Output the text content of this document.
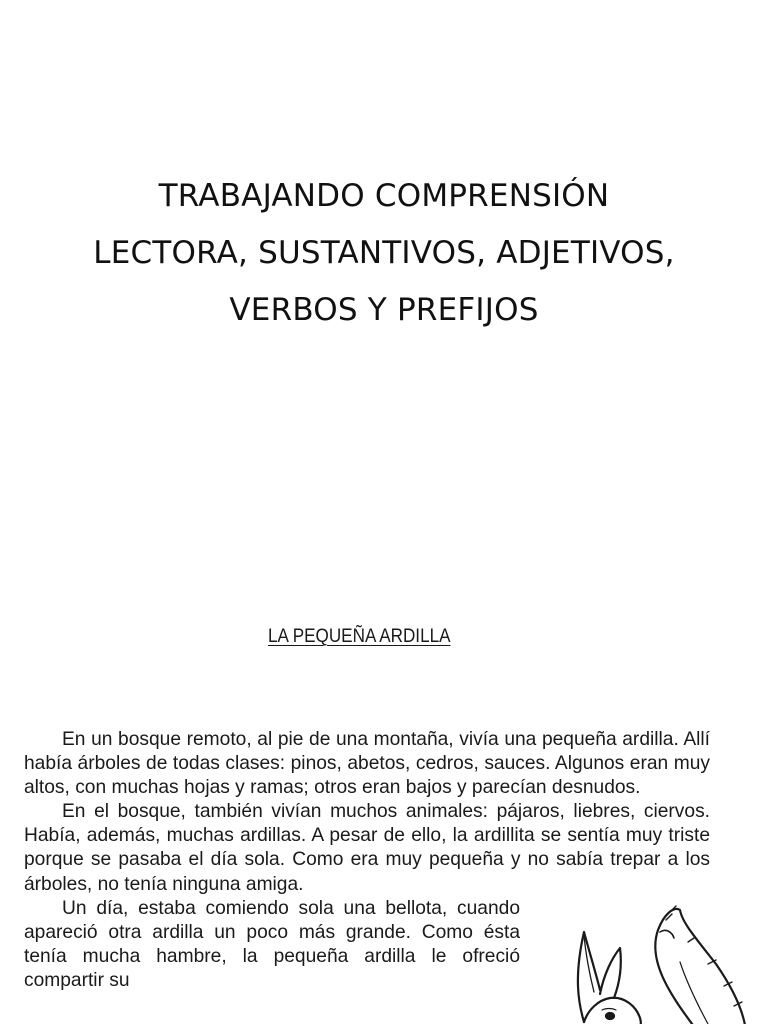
TRABAJANDO COMPRENSIÓN
LECTORA, SUSTANTIVOS, ADJETIVOS,
VERBOS Y PREFIJOS
LA PEQUEÑA ARDILLA

En un bosque remoto, al pie de una montaña, vivía una pequeña ardilla. Allí había árboles de todas clases: pinos, abetos, cedros, sauces. Algunos eran muy altos, con muchas hojas y ramas; otros eran bajos y parecían desnudos.

En el bosque, también vivían muchos animales: pájaros, liebres, ciervos. Había, además, muchas ardillas. A pesar de ello, la ardillita se sentía muy triste porque se pasaba el día sola. Como era muy pequeña y no sabía trepar a los árboles, no tenía ninguna amiga.

Un día, estaba comiendo sola una bellota, cuando apareció otra ardilla un poco más grande. Como ésta tenía mucha hambre, la pequeña ardilla le ofreció compartir su
